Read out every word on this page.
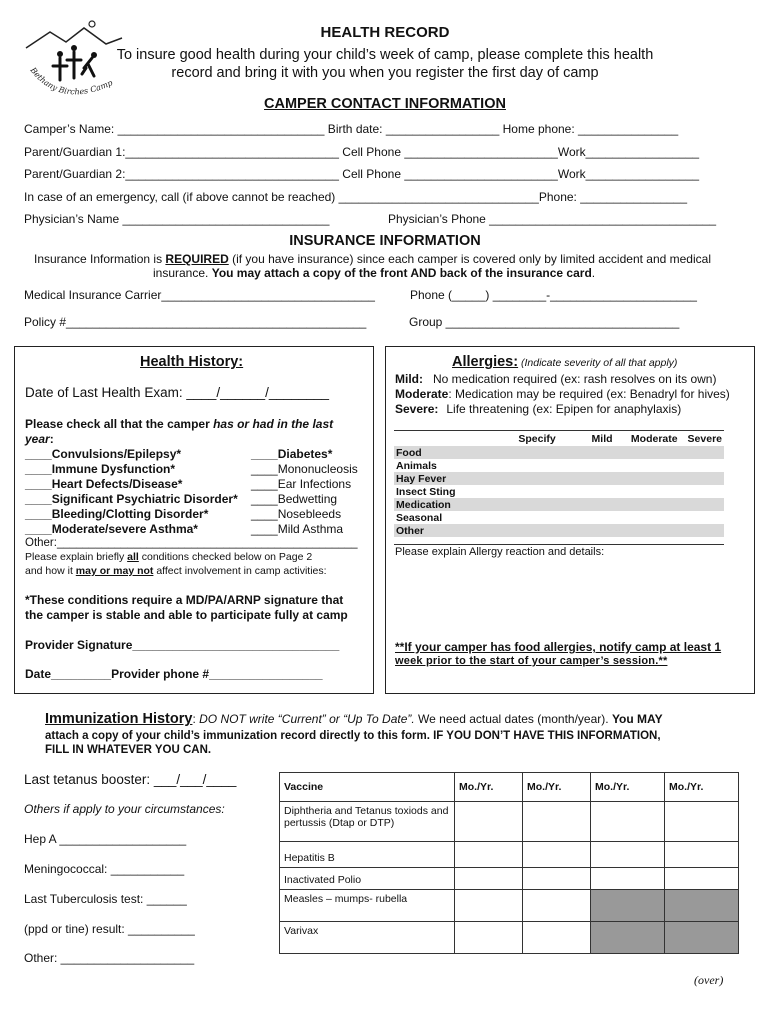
Bethany Birches Camp
HEALTH RECORD
To insure good health during your child’s week of camp, please complete this health
record and bring it with you when you register the first day of camp
CAMPER CONTACT INFORMATION
Camper’s Name: _______________________________ Birth date: _________________ Home phone: _______________
Parent/Guardian 1:________________________________ Cell Phone _______________________Work_________________
Parent/Guardian 2:________________________________ Cell Phone _______________________Work_________________
In case of an emergency, call (if above cannot be reached) ______________________________Phone: ________________
Physician’s Name _______________________________	Physician’s Phone __________________________________
INSURANCE INFORMATION
Insurance Information is REQUIRED (if you have insurance) since each camper is covered only by limited accident and medical
insurance. You may attach a copy of the front AND back of the insurance card.
Medical Insurance Carrier________________________________	Phone (_____) ________-______________________
Policy #_____________________________________________	Group ___________________________________
Health History:
Date of Last Health Exam: ____/______/________
Please check all that the camper has or had in the last
year:
____Convulsions/Epilepsy*
____Immune Dysfunction*
____Heart Defects/Disease*
____Significant Psychiatric Disorder*
____Bleeding/Clotting Disorder*
____Moderate/severe Asthma*
____Diabetes*
____Mononucleosis
____Ear Infections
____Bedwetting
____Nosebleeds
____Mild Asthma
Other:_______________________________________________
Please explain briefly all conditions checked below on Page 2
and how it may or may not affect involvement in camp activities:
*These conditions require a MD/PA/ARNP signature that
the camper is stable and able to participate fully at camp
Provider Signature_______________________________
Date_________Provider phone #_________________
Allergies: (Indicate severity of all that apply)
Mild: No medication required (ex: rash resolves on its own)
Moderate: Medication may be required (ex: Benadryl for hives)
Severe: Life threatening (ex: Epipen for anaphylaxis)
	Specify	Mild	Moderate	Severe
Food				
Animals				
Hay Fever				
Insect Sting				
Medication				
Seasonal				
Other				
Please explain Allergy reaction and details:
**If your camper has food allergies, notify camp at least 1
week prior to the start of your camper’s session.**
Immunization History: DO NOT write “Current” or “Up To Date”. We need actual dates (month/year). You MAY
attach a copy of your child’s immunization record directly to this form. IF YOU DON’T HAVE THIS INFORMATION,
FILL IN WHATEVER YOU CAN.
Last tetanus booster: ___/___/____
Others if apply to your circumstances:
Hep A ___________________
Meningococcal: ___________
Last Tuberculosis test: ______
(ppd or tine) result: __________
Other: ____________________
Vaccine	Mo./Yr.	Mo./Yr.	Mo./Yr.	Mo./Yr.
Diphtheria and Tetanus toxiods and pertussis (Dtap or DTP)				
Hepatitis B				
Inactivated Polio				
Measles – mumps- rubella				
Varivax				
(over)
